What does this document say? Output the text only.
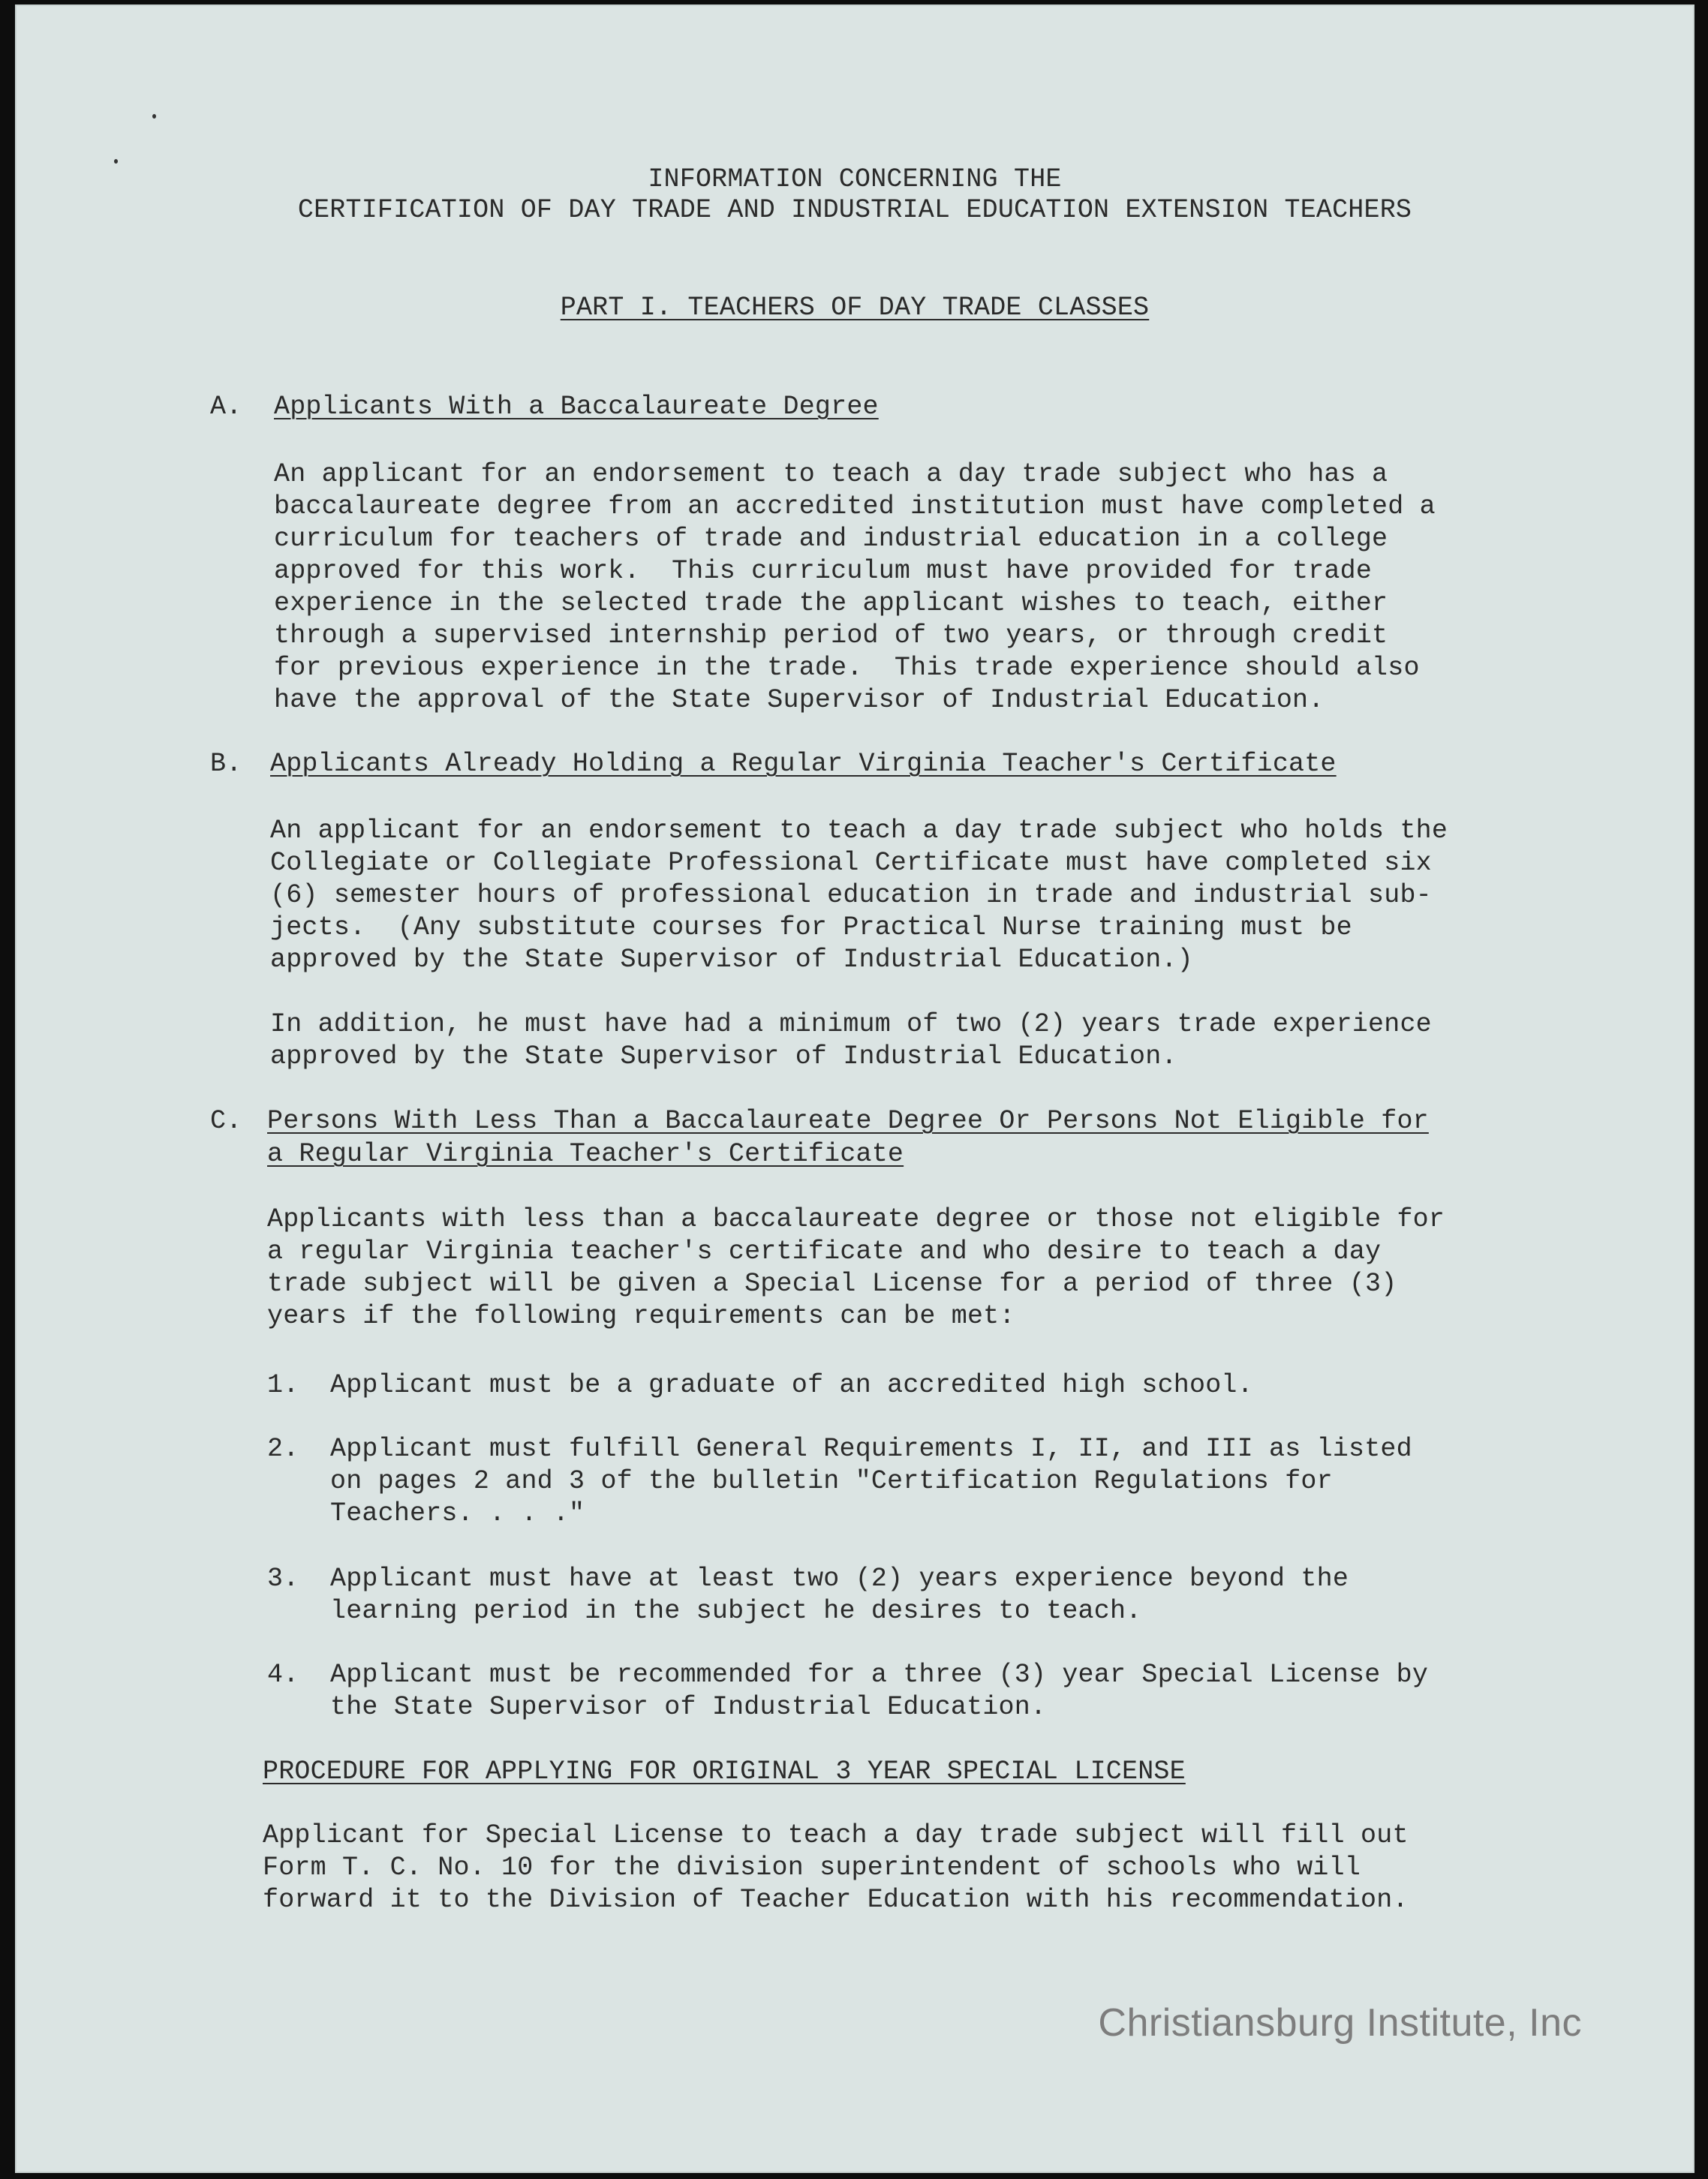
INFORMATION CONCERNING THE
CERTIFICATION OF DAY TRADE AND INDUSTRIAL EDUCATION EXTENSION TEACHERS
PART I. TEACHERS OF DAY TRADE CLASSES
A. Applicants With a Baccalaureate Degree
An applicant for an endorsement to teach a day trade subject who has a
baccalaureate degree from an accredited institution must have completed a
curriculum for teachers of trade and industrial education in a college
approved for this work.  This curriculum must have provided for trade
experience in the selected trade the applicant wishes to teach, either
through a supervised internship period of two years, or through credit
for previous experience in the trade.  This trade experience should also
have the approval of the State Supervisor of Industrial Education.
B. Applicants Already Holding a Regular Virginia Teacher's Certificate
An applicant for an endorsement to teach a day trade subject who holds the
Collegiate or Collegiate Professional Certificate must have completed six
(6) semester hours of professional education in trade and industrial sub-
jects.  (Any substitute courses for Practical Nurse training must be
approved by the State Supervisor of Industrial Education.)
In addition, he must have had a minimum of two (2) years trade experience
approved by the State Supervisor of Industrial Education.
C. Persons With Less Than a Baccalaureate Degree Or Persons Not Eligible for
a Regular Virginia Teacher's Certificate
Applicants with less than a baccalaureate degree or those not eligible for
a regular Virginia teacher's certificate and who desire to teach a day
trade subject will be given a Special License for a period of three (3)
years if the following requirements can be met:
1. Applicant must be a graduate of an accredited high school.
2. Applicant must fulfill General Requirements I, II, and III as listed
on pages 2 and 3 of the bulletin "Certification Regulations for
Teachers. . . ."
3. Applicant must have at least two (2) years experience beyond the
learning period in the subject he desires to teach.
4. Applicant must be recommended for a three (3) year Special License by
the State Supervisor of Industrial Education.
PROCEDURE FOR APPLYING FOR ORIGINAL 3 YEAR SPECIAL LICENSE
Applicant for Special License to teach a day trade subject will fill out
Form T. C. No. 10 for the division superintendent of schools who will
forward it to the Division of Teacher Education with his recommendation.
Christiansburg Institute, Inc
